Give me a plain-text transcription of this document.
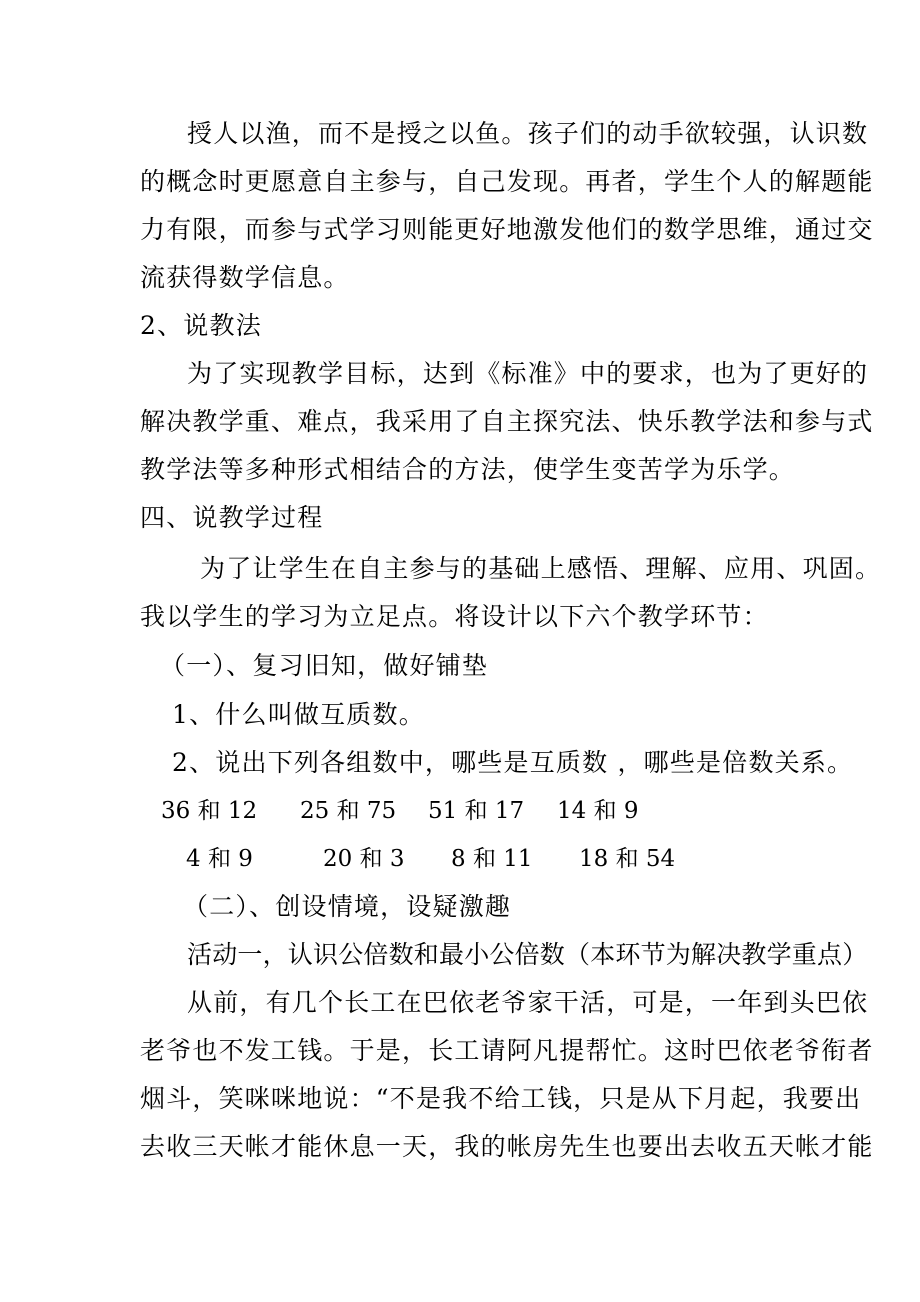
授人以渔，而不是授之以鱼。孩子们的动手欲较强，认识数
的概念时更愿意自主参与，自己发现。再者，学生个人的解题能
力有限，而参与式学习则能更好地激发他们的数学思维，通过交
流获得数学信息。
2、说教法
为了实现教学目标，达到《标准》中的要求，也为了更好的
解决教学重、难点，我采用了自主探究法、快乐教学法和参与式
教学法等多种形式相结合的方法，使学生变苦学为乐学。
四、说教学过程
为了让学生在自主参与的基础上感悟、理解、应用、巩固。
我以学生的学习为立足点。将设计以下六个教学环节：
（一）、复习旧知，做好铺垫
1、什么叫做互质数。
2、说出下列各组数中，哪些是互质数 ，哪些是倍数关系。
36 和 12 25 和 75 51 和 17 14 和 9
4 和 9	20 和 3 8 和 11 18 和 54
（二）、创设情境，设疑激趣
活动一，认识公倍数和最小公倍数（本环节为解决教学重点）
从前，有几个长工在巴依老爷家干活，可是，一年到头巴依
老爷也不发工钱。于是，长工请阿凡提帮忙。这时巴依老爷衔者
烟斗，笑咪咪地说：“不是我不给工钱，只是从下月起，我要出
去收三天帐才能休息一天，我的帐房先生也要出去收五天帐才能
